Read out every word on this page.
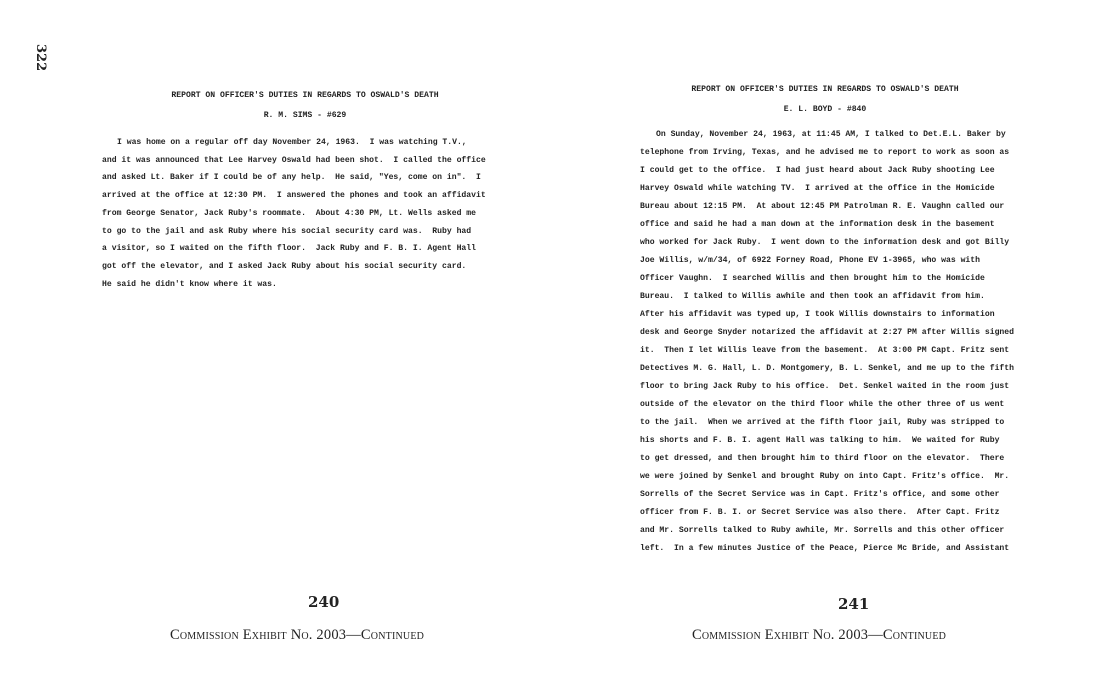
322
REPORT ON OFFICER'S DUTIES IN REGARDS TO OSWALD'S DEATH
R. M. SIMS - #629
I was home on a regular off day November 24, 1963.  I was watching T.V.,
and it was announced that Lee Harvey Oswald had been shot.  I called the office
and asked Lt. Baker if I could be of any help.  He said, "Yes, come on in".  I
arrived at the office at 12:30 PM.  I answered the phones and took an affidavit
from George Senator, Jack Ruby's roommate.  About 4:30 PM, Lt. Wells asked me
to go to the jail and ask Ruby where his social security card was.  Ruby had
a visitor, so I waited on the fifth floor.  Jack Ruby and F. B. I. Agent Hall
got off the elevator, and I asked Jack Ruby about his social security card.
He said he didn't know where it was.
240
Commission Exhibit No. 2003—Continued
REPORT ON OFFICER'S DUTIES IN REGARDS TO OSWALD'S DEATH
E. L. BOYD - #840
On Sunday, November 24, 1963, at 11:45 AM, I talked to Det.E.L. Baker by
telephone from Irving, Texas, and he advised me to report to work as soon as
I could get to the office.  I had just heard about Jack Ruby shooting Lee
Harvey Oswald while watching TV.  I arrived at the office in the Homicide
Bureau about 12:15 PM.  At about 12:45 PM Patrolman R. E. Vaughn called our
office and said he had a man down at the information desk in the basement
who worked for Jack Ruby.  I went down to the information desk and got Billy
Joe Willis, w/m/34, of 6922 Forney Road, Phone EV 1-3965, who was with
Officer Vaughn.  I searched Willis and then brought him to the Homicide
Bureau.  I talked to Willis awhile and then took an affidavit from him.
After his affidavit was typed up, I took Willis downstairs to information
desk and George Snyder notarized the affidavit at 2:27 PM after Willis signed
it.  Then I let Willis leave from the basement.  At 3:00 PM Capt. Fritz sent
Detectives M. G. Hall, L. D. Montgomery, B. L. Senkel, and me up to the fifth
floor to bring Jack Ruby to his office.  Det. Senkel waited in the room just
outside of the elevator on the third floor while the other three of us went
to the jail.  When we arrived at the fifth floor jail, Ruby was stripped to
his shorts and F. B. I. agent Hall was talking to him.  We waited for Ruby
to get dressed, and then brought him to third floor on the elevator.  There
we were joined by Senkel and brought Ruby on into Capt. Fritz's office.  Mr.
Sorrells of the Secret Service was in Capt. Fritz's office, and some other
officer from F. B. I. or Secret Service was also there.  After Capt. Fritz
and Mr. Sorrells talked to Ruby awhile, Mr. Sorrells and this other officer
left.  In a few minutes Justice of the Peace, Pierce Mc Bride, and Assistant
241
Commission Exhibit No. 2003—Continued
